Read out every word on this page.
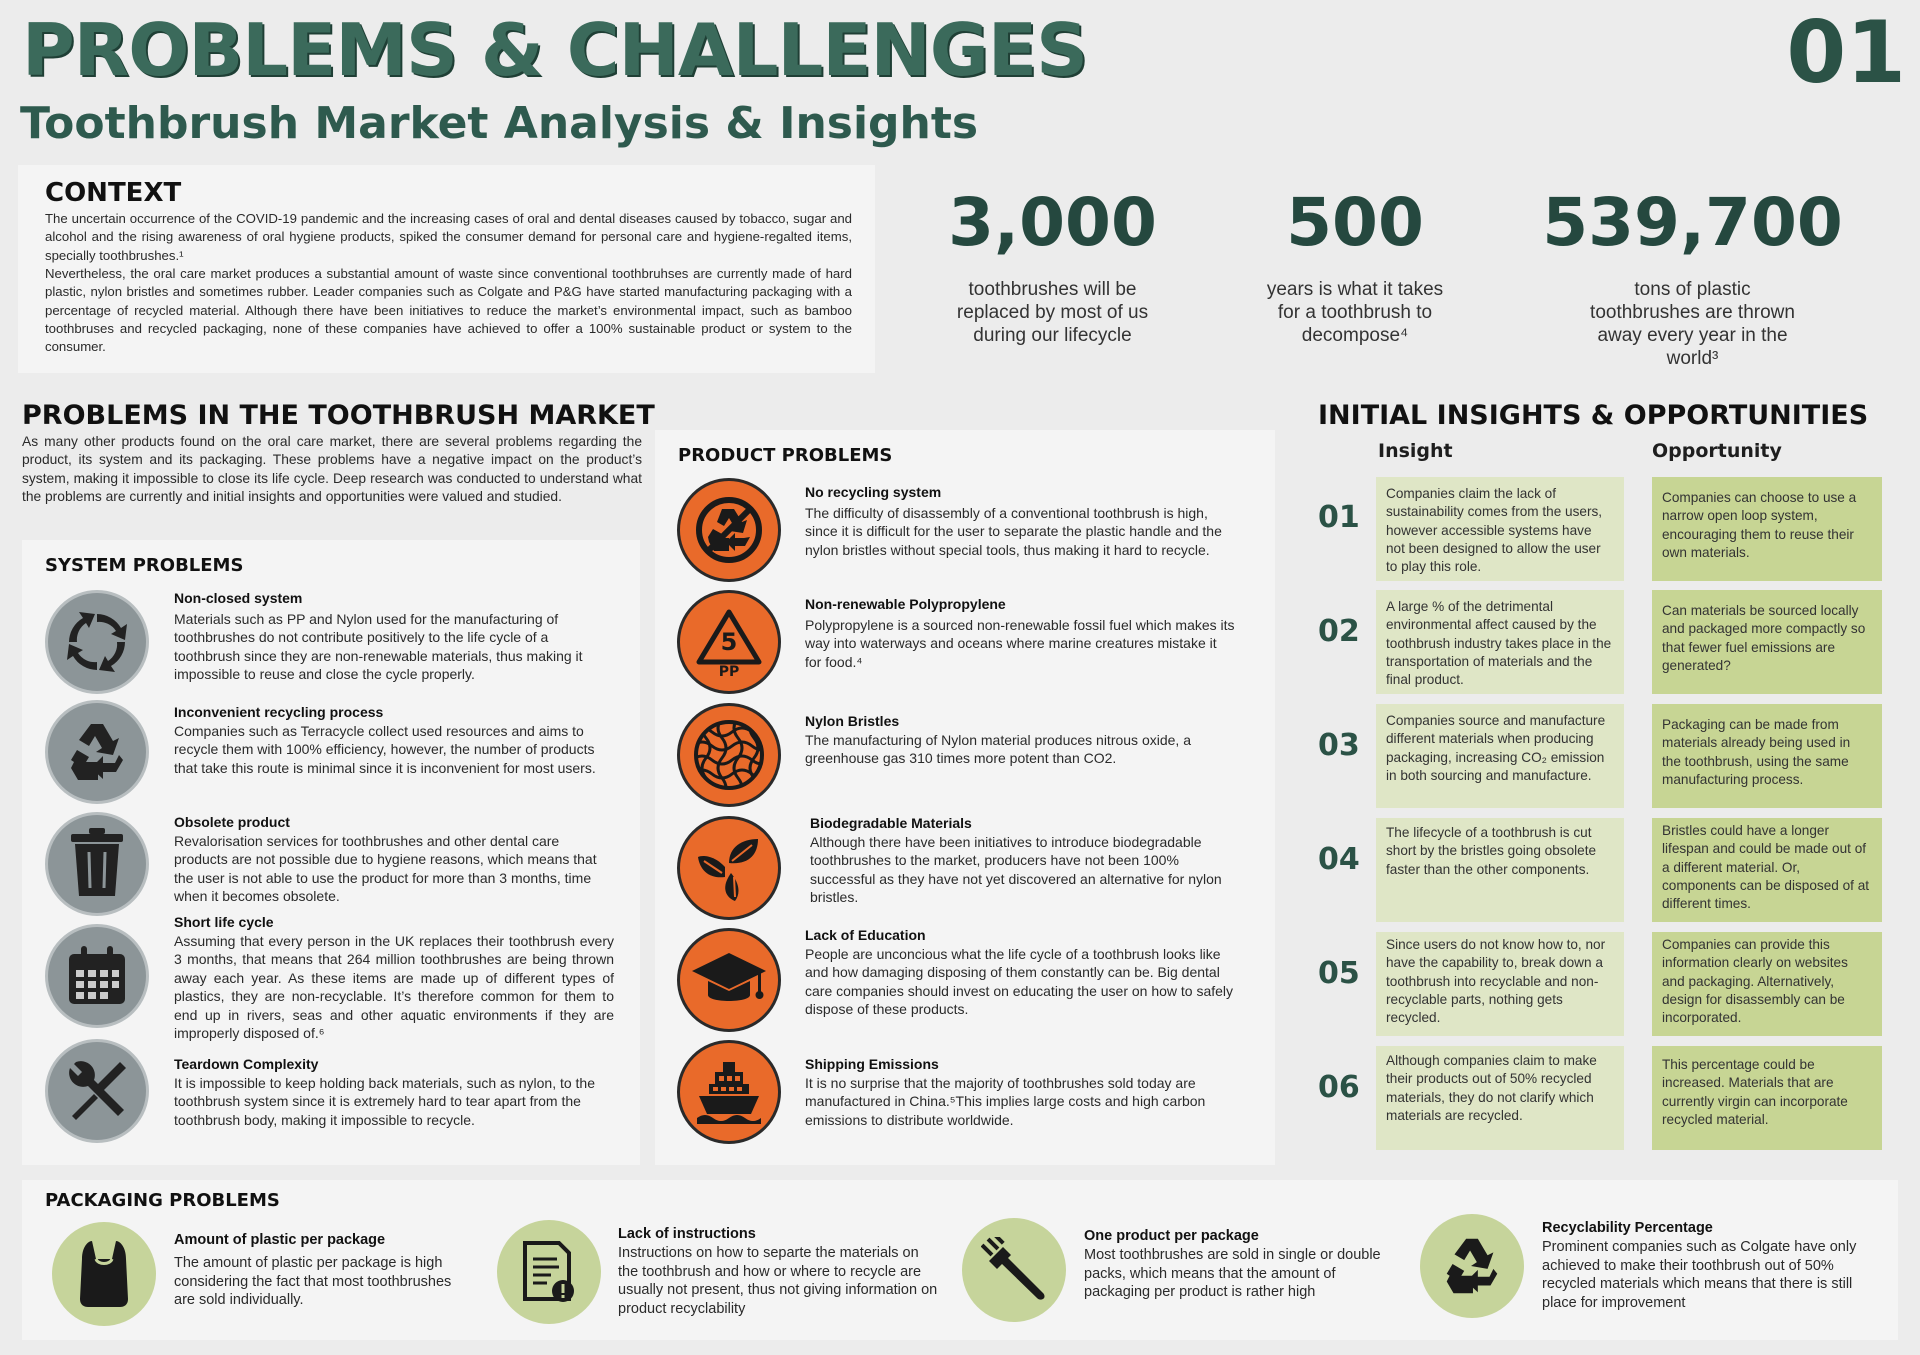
PROBLEMS & CHALLENGES
Toothbrush Market Analysis & Insights
01
CONTEXT
The uncertain occurrence of the COVID-19 pandemic and the increasing cases of oral and dental diseases caused by tobacco, sugar and alcohol and the rising awareness of oral hygiene products, spiked the consumer demand for personal care and hygiene-regalted items, specially toothbrushes.¹
Nevertheless, the oral care market produces a substantial amount of waste since conventional toothbruhses are currently made of hard plastic, nylon bristles and sometimes rubber. Leader companies such as Colgate and P&G have started manufacturing packaging with a percentage of recycled material. Although there have been initiatives to reduce the market’s environmental impact, such as bamboo toothbruses and recycled packaging, none of these companies have achieved to offer a 100% sustainable product or system to the consumer.
3,000
toothbrushes will be replaced by most of us during our lifecycle
500
years is what it takes for a toothbrush to decompose⁴
539,700
tons of plastic toothbrushes are thrown away every year in the world³
PROBLEMS IN THE TOOTHBRUSH MARKET
As many other products found on the oral care market, there are several problems regarding the product, its system and its packaging. These problems have a negative impact on the product’s system, making it impossible to close its life cycle. Deep research was conducted to understand what the problems are currently and initial insights and opportunities were valued and studied.
SYSTEM PROBLEMS
Non-closed system
Materials such as PP and Nylon used for the manufacturing of toothbrushes do not contribute positively to the life cycle of a toothbrush since they are non-renewable materials, thus making it impossible to reuse and close the cycle properly.
Inconvenient recycling process
Companies such as Terracycle collect used resources and aims to recycle them with 100% efficiency, however, the number of products that take this route is minimal since it is inconvenient for most users.
Obsolete product
Revalorisation services for toothbrushes and other dental care products are not possible due to hygiene reasons, which means that the user is not able to use the product for more than 3 months, time when it becomes obsolete.
Short life cycle
Assuming that every person in the UK replaces their toothbrush every 3 months, that means that 264 million toothbrushes are being thrown away each year. As these items are made up of different types of plastics, they are non-recyclable. It’s therefore common for them to end up in rivers, seas and other aquatic environments if they are improperly disposed of.⁶
Teardown Complexity
It is impossible to keep holding back materials, such as nylon, to the toothbrush system since it is extremely hard to tear apart from the toothbrush body, making it impossible to recycle.
PRODUCT PROBLEMS
No recycling system
The difficulty of disassembly of a conventional toothbrush is high, since it is difficult for the user to separate the plastic handle and the nylon bristles without special tools, thus making it hard to recycle.
5
PP
Non-renewable Polypropylene
Polypropylene is a sourced non-renewable fossil fuel which makes its way into waterways and oceans where marine creatures mistake it for food.⁴
Nylon Bristles
The manufacturing of Nylon material produces nitrous oxide, a greenhouse gas 310 times more potent than CO2.
Biodegradable Materials
Although there have been initiatives to introduce biodegradable toothbrushes to the market, producers have not been 100% successful as they have not yet discovered an alternative for nylon bristles.
Lack of Education
People are unconcious what the life cycle of a toothbrush looks like and how damaging disposing of them constantly can be. Big dental care companies should invest on educating the user on how to safely dispose of these products.
Shipping Emissions
It is no surprise that the majority of toothbrushes sold today are manufactured in China.⁵This implies large costs and high carbon emissions to distribute worldwide.
INITIAL INSIGHTS & OPPORTUNITIES
Insight	Opportunity
01
Companies claim the lack of sustainability comes from the users, however accessible systems have not been designed to allow the user to play this role.
Companies can choose to use a narrow open loop system, encouraging them to reuse their own materials.
02
A large % of the detrimental environmental affect caused by the toothbrush industry takes place in the transportation of materials and the final product.
Can materials be sourced locally and packaged more compactly so that fewer fuel emissions are generated?
03
Companies source and manufacture different materials when producing packaging, increasing CO₂ emission in both sourcing and manufacture.
Packaging can be made from materials already being used in the toothbrush, using the same manufacturing process.
04
The lifecycle of a toothbrush is cut short by the bristles going obsolete faster than the other components.
Bristles could have a longer lifespan and could be made out of a different material. Or, components can be disposed of at different times.
05
Since users do not know how to, nor have the capability to, break down a toothbrush into recyclable and non-recyclable parts, nothing gets recycled.
Companies can provide this information clearly on websites and packaging. Alternatively, design for disassembly can be incorporated.
06
Although companies claim to make their products out of 50% recycled materials, they do not clarify which materials are recycled.
This percentage could be increased. Materials that are currently virgin can incorporate recycled material.
PACKAGING PROBLEMS
Amount of plastic per package
The amount of plastic per package is high considering the fact that most toothbrushes are sold individually.
Lack of instructions
Instructions on how to separte the materials on the toothbrush and how or where to recycle are usually not present, thus not giving information on product recyclability
One product per package
Most toothbrushes are sold in single or double packs, which means that the amount of packaging per product is rather high
Recyclability Percentage
Prominent companies such as Colgate have only achieved to make their toothbrush out of 50% recycled materials which means that there is still place for improvement
